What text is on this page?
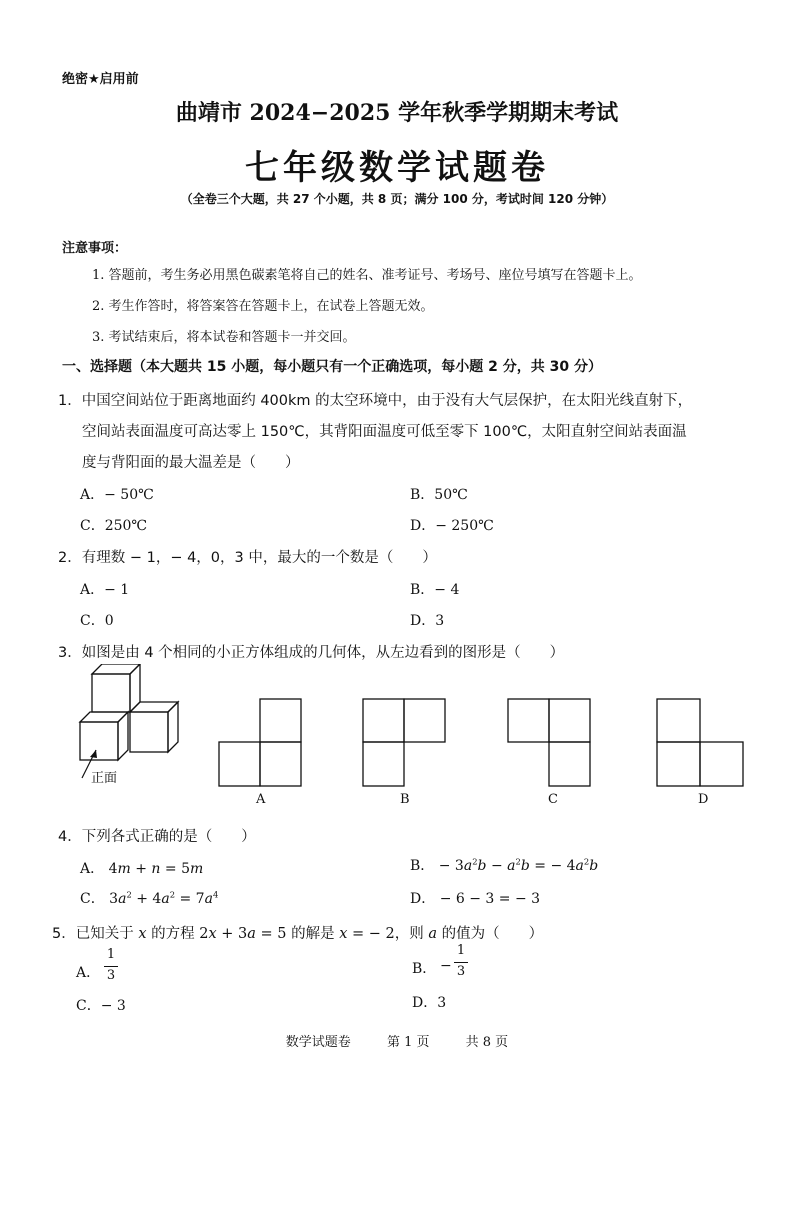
绝密★启用前
曲靖市 2024−2025 学年秋季学期期末考试
七年级数学试题卷
（全卷三个大题，共 27 个小题，共 8 页；满分 100 分，考试时间 120 分钟）
注意事项：
1. 答题前，考生务必用黑色碳素笔将自己的姓名、准考证号、考场号、座位号填写在答题卡上。
2. 考生作答时，将答案答在答题卡上，在试卷上答题无效。
3. 考试结束后，将本试卷和答题卡一并交回。
一、选择题（本大题共 15 小题，每小题只有一个正确选项，每小题 2 分，共 30 分）
1．中国空间站位于距离地面约 400km 的太空环境中，由于没有大气层保护，在太阳光线直射下，
空间站表面温度可高达零上 150℃，其背阳面温度可低至零下 100℃，太阳直射空间站表面温
度与背阳面的最大温差是（　　）
A．− 50℃	B．50℃
C．250℃	D．− 250℃
2．有理数 − 1，− 4，0，3 中，最大的一个数是（　　）
A．− 1	B．− 4
C．0	D．3
3．如图是由 4 个相同的小正方体组成的几何体，从左边看到的图形是（　　）
正面
A	B	C	D
4．下列各式正确的是（　　）
A． 4m + n = 5m	B． − $3a^2b - a^2b$ = − $4a^2b$
C． $3a^2 + 4a^2 = 7a^4$	D． − 6 − 3 = − 3
5．已知关于 x 的方程 2x + 3a = 5 的解是 x = − 2，则 a 的值为（　　）
A．
1
3	B． −
1
3
C．− 3	D．3
数学试题卷	第 1 页	共 8 页
